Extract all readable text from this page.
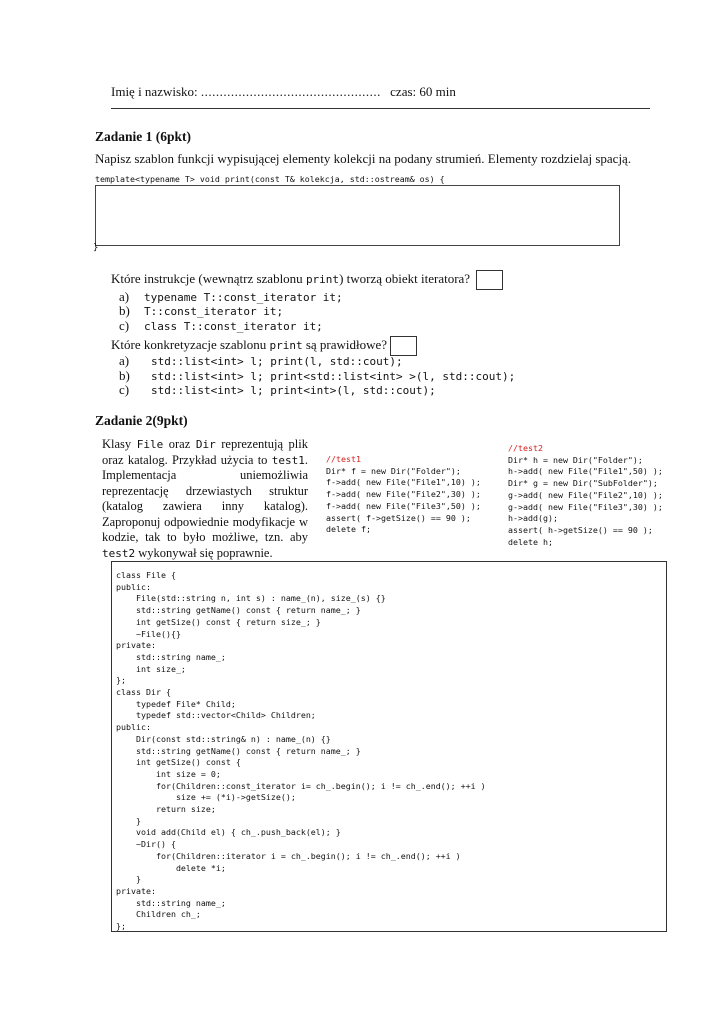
Imię i nazwisko: ................................................ czas: 60 min
Zadanie 1 (6pkt)
Napisz szablon funkcji wypisującej elementy kolekcji na podany strumień. Elementy rozdzielaj spacją.
template<typename T> void print(const T& kolekcja, std::ostream& os) {
}
Które instrukcje (wewnątrz szablonu print) tworzą obiekt iteratora?
a) typename T::const_iterator it;
b) T::const_iterator it;
c) class T::const_iterator it;
Które konkretyzacje szablonu print są prawidłowe?
a) std::list<int> l; print(l, std::cout);
b) std::list<int> l; print<std::list<int> >(l, std::cout);
c) std::list<int> l; print<int>(l, std::cout);
Zadanie 2(9pkt)
Klasy File oraz Dir reprezentują plik oraz katalog. Przykład użycia to test1. Implementacja uniemożliwia reprezentację drzewiastych struktur (katalog zawiera inny katalog). Zaproponuj odpowiednie modyfikacje w kodzie, tak to było możliwe, tzn. aby test2 wykonywał się poprawnie.
//test1
Dir* f = new Dir("Folder");
f->add( new File("File1",10) );
f->add( new File("File2",30) );
f->add( new File("File3",50) );
assert( f->getSize() == 90 );
delete f;
//test2
Dir* h = new Dir("Folder");
h->add( new File("File1",50) );
Dir* g = new Dir("SubFolder");
g->add( new File("File2",10) );
g->add( new File("File3",30) );
h->add(g);
assert( h->getSize() == 90 );
delete h;
class File {
public:
File(std::string n, int s) : name_(n), size_(s) {}
std::string getName() const { return name_; }
int getSize() const { return size_; }
~File(){}
private:
std::string name_;
int size_;
};
class Dir {
typedef File* Child;
typedef std::vector<Child> Children;
public:
Dir(const std::string& n) : name_(n) {}
std::string getName() const { return name_; }
int getSize() const {
int size = 0;
for(Children::const_iterator i= ch_.begin(); i != ch_.end(); ++i )
size += (*i)->getSize();
return size;
}
void add(Child el) { ch_.push_back(el); }
~Dir() {
for(Children::iterator i = ch_.begin(); i != ch_.end(); ++i )
delete *i;
}
private:
std::string name_;
Children ch_;
};
